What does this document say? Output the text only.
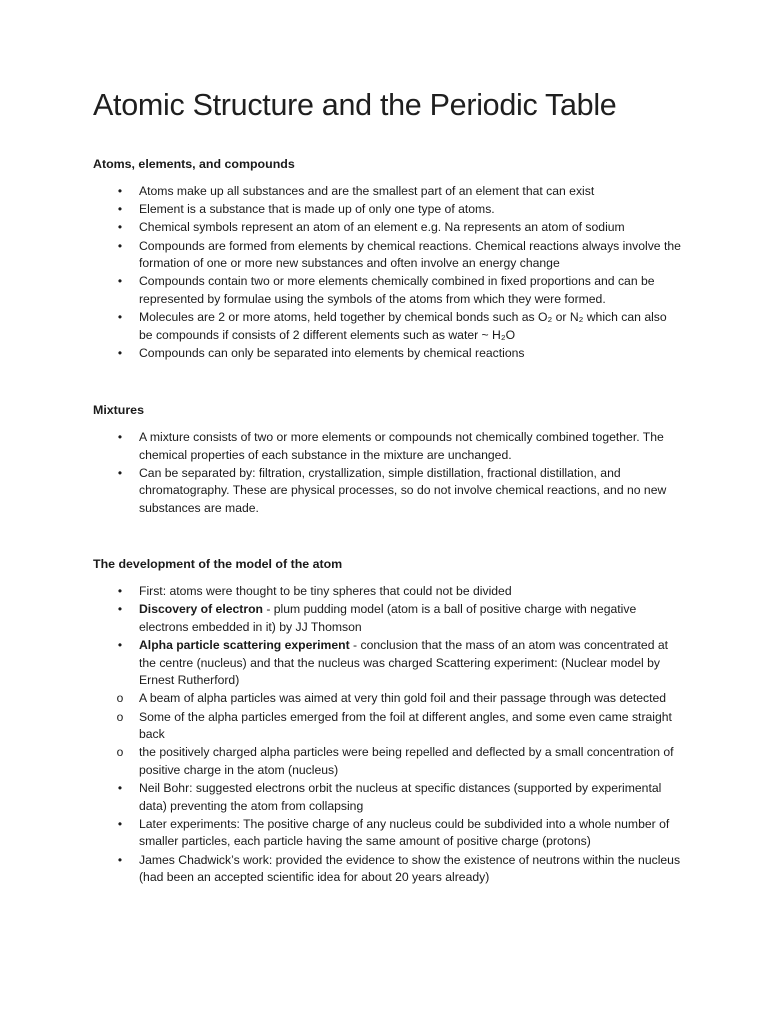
Atomic Structure and the Periodic Table
Atoms, elements, and compounds
•	Atoms make up all substances and are the smallest part of an element that can exist
•	Element is a substance that is made up of only one type of atoms.
•	Chemical symbols represent an atom of an element e.g. Na represents an atom of sodium
•	Compounds are formed from elements by chemical reactions. Chemical reactions always involve the formation of one or more new substances and often involve an energy change
•	Compounds contain two or more elements chemically combined in fixed proportions and can be represented by formulae using the symbols of the atoms from which they were formed.
•	Molecules are 2 or more atoms, held together by chemical bonds such as O₂ or N₂ which can also be compounds if consists of 2 different elements such as water ~ H₂O
•	Compounds can only be separated into elements by chemical reactions
Mixtures
•	A mixture consists of two or more elements or compounds not chemically combined together. The chemical properties of each substance in the mixture are unchanged.
•	Can be separated by: filtration, crystallization, simple distillation, fractional distillation, and chromatography. These are physical processes, so do not involve chemical reactions, and no new substances are made.
The development of the model of the atom
•	First: atoms were thought to be tiny spheres that could not be divided
•	Discovery of electron - plum pudding model (atom is a ball of positive charge with negative electrons embedded in it) by JJ Thomson
•	Alpha particle scattering experiment - conclusion that the mass of an atom was concentrated at the centre (nucleus) and that the nucleus was charged Scattering experiment: (Nuclear model by Ernest Rutherford)
o A beam of alpha particles was aimed at very thin gold foil and their passage through was detected
o Some of the alpha particles emerged from the foil at different angles, and some even came straight back
o the positively charged alpha particles were being repelled and deflected by a small concentration of positive charge in the atom (nucleus)
•	Neil Bohr: suggested electrons orbit the nucleus at specific distances (supported by experimental data) preventing the atom from collapsing
•	Later experiments: The positive charge of any nucleus could be subdivided into a whole number of smaller particles, each particle having the same amount of positive charge (protons)
•	James Chadwick’s work: provided the evidence to show the existence of neutrons within the nucleus (had been an accepted scientific idea for about 20 years already)
